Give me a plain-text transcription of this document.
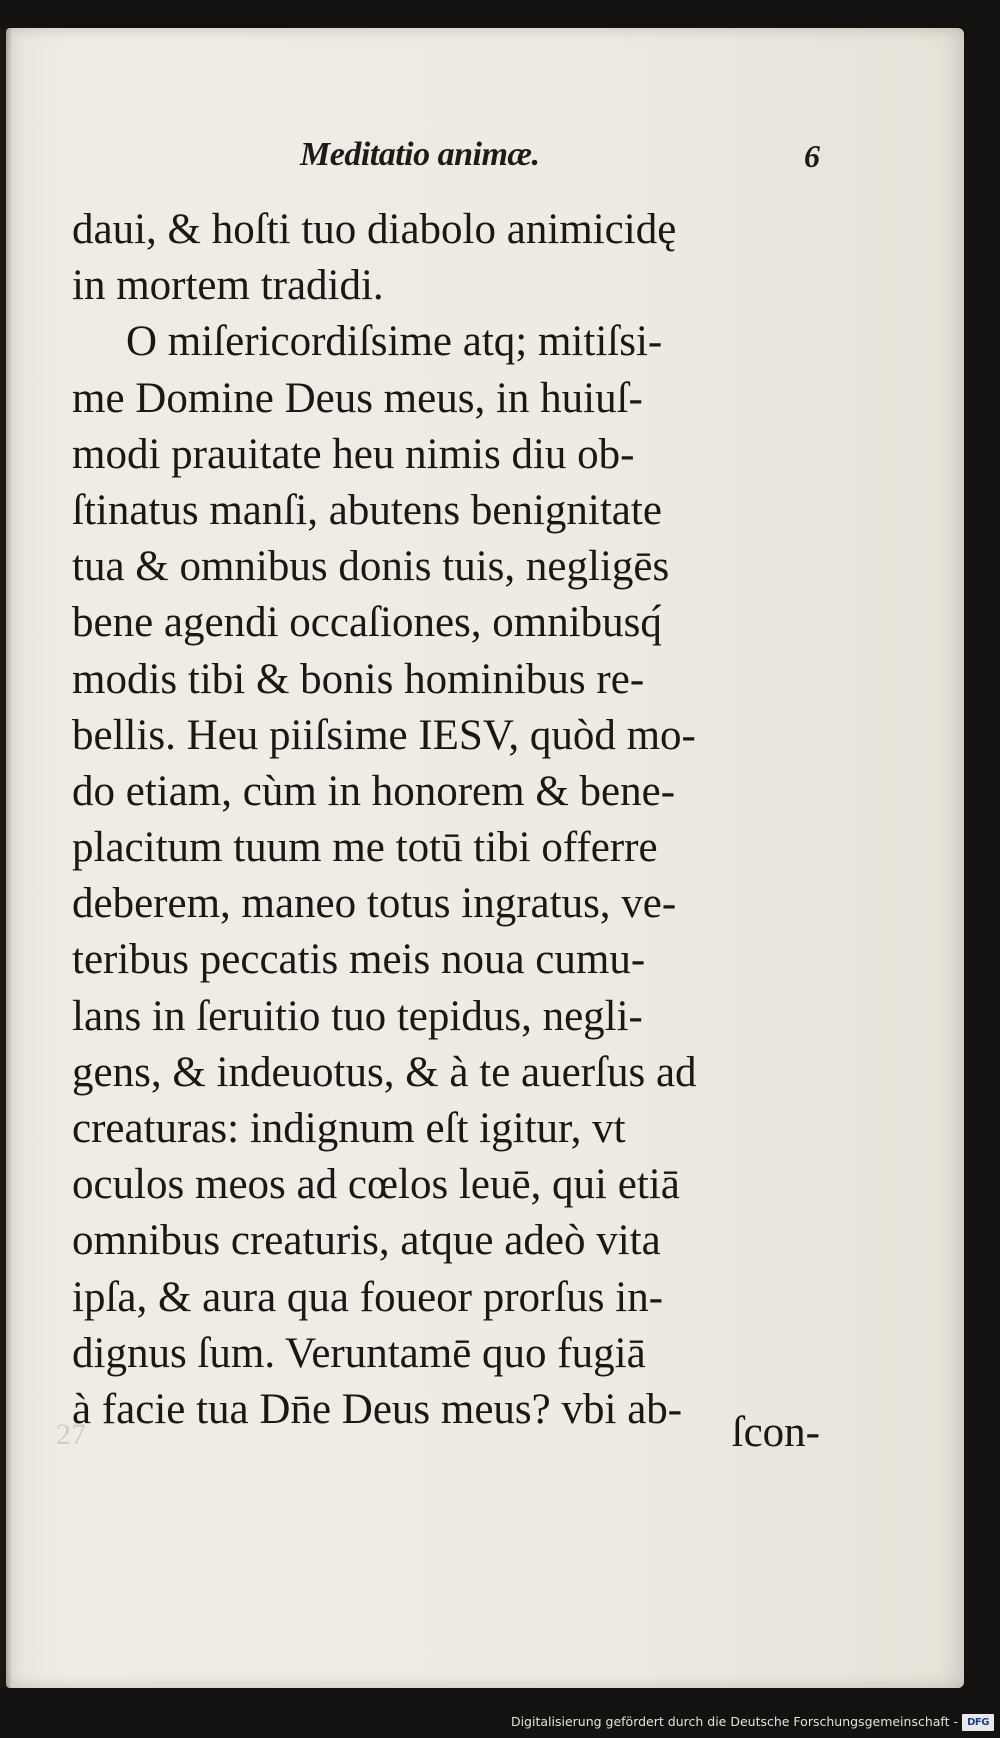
Meditatio animæ.	6
daui, & hoſti tuo diabolo animicidę
in mortem tradidi.
O miſericordiſsime atq; mitiſsi-
me Domine Deus meus, in huiuſ-
modi prauitate heu nimis diu ob-
ſtinatus manſi, abutens benignitate
tua & omnibus donis tuis, negligēs
bene agendi occaſiones, omnibusq́
modis tibi & bonis hominibus re-
bellis. Heu piiſsime IESV, quòd mo-
do etiam, cùm in honorem & bene-
placitum tuum me totū tibi offerre
deberem, maneo totus ingratus, ve-
teribus peccatis meis noua cumu-
lans in ſeruitio tuo tepidus, negli-
gens, & indeuotus, & à te auerſus ad
creaturas: indignum eſt igitur, vt
oculos meos ad cœlos leuē, qui etiā
omnibus creaturis, atque adeò vita
ipſa, & aura qua foueor prorſus in-
dignus ſum. Veruntamē quo fugiā
à facie tua Dn̄e Deus meus? vbi ab-
27	ſcon-
Digitalisierung gefördert durch die Deutsche Forschungsgemeinschaft - DFG
